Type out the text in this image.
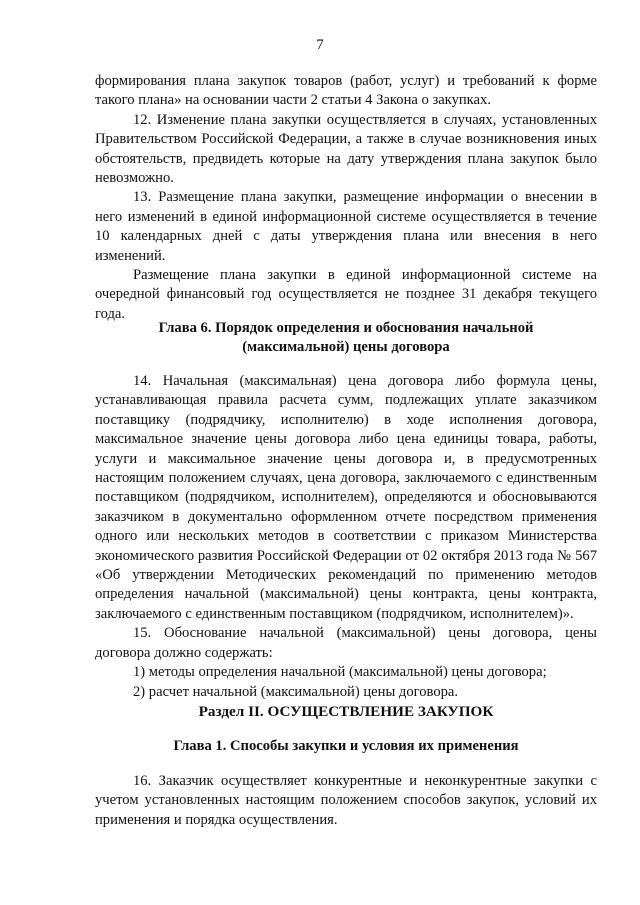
7

формирования плана закупок товаров (работ, услуг) и требований к форме такого плана» на основании части 2 статьи 4 Закона о закупках.

12. Изменение плана закупки осуществляется в случаях, установленных Правительством Российской Федерации, а также в случае возникновения иных обстоятельств, предвидеть которые на дату утверждения плана закупок было невозможно.

13. Размещение плана закупки, размещение информации о внесении в него изменений в единой информационной системе осуществляется в течение 10 календарных дней с даты утверждения плана или внесения в него изменений.

Размещение плана закупки в единой информационной системе на очередной финансовый год осуществляется не позднее 31 декабря текущего года.

Глава 6. Порядок определения и обоснования начальной
(максимальной) цены договора

14. Начальная (максимальная) цена договора либо формула цены, устанавливающая правила расчета сумм, подлежащих уплате заказчиком поставщику (подрядчику, исполнителю) в ходе исполнения договора, максимальное значение цены договора либо цена единицы товара, работы, услуги и максимальное значение цены договора и, в предусмотренных настоящим положением случаях, цена договора, заключаемого с единственным поставщиком (подрядчиком, исполнителем), определяются и обосновываются заказчиком в документально оформленном отчете посредством применения одного или нескольких методов в соответствии с приказом Министерства экономического развития Российской Федерации от 02 октября 2013 года № 567 «Об утверждении Методических рекомендаций по применению методов определения начальной (максимальной) цены контракта, цены контракта, заключаемого с единственным поставщиком (подрядчиком, исполнителем)».

15. Обоснование начальной (максимальной) цены договора, цены договора должно содержать:

1) методы определения начальной (максимальной) цены договора;
2) расчет начальной (максимальной) цены договора.
Раздел II. ОСУЩЕСТВЛЕНИЕ ЗАКУПОК
Глава 1. Способы закупки и условия их применения

16. Заказчик осуществляет конкурентные и неконкурентные закупки с учетом установленных настоящим положением способов закупок, условий их применения и порядка осуществления.
